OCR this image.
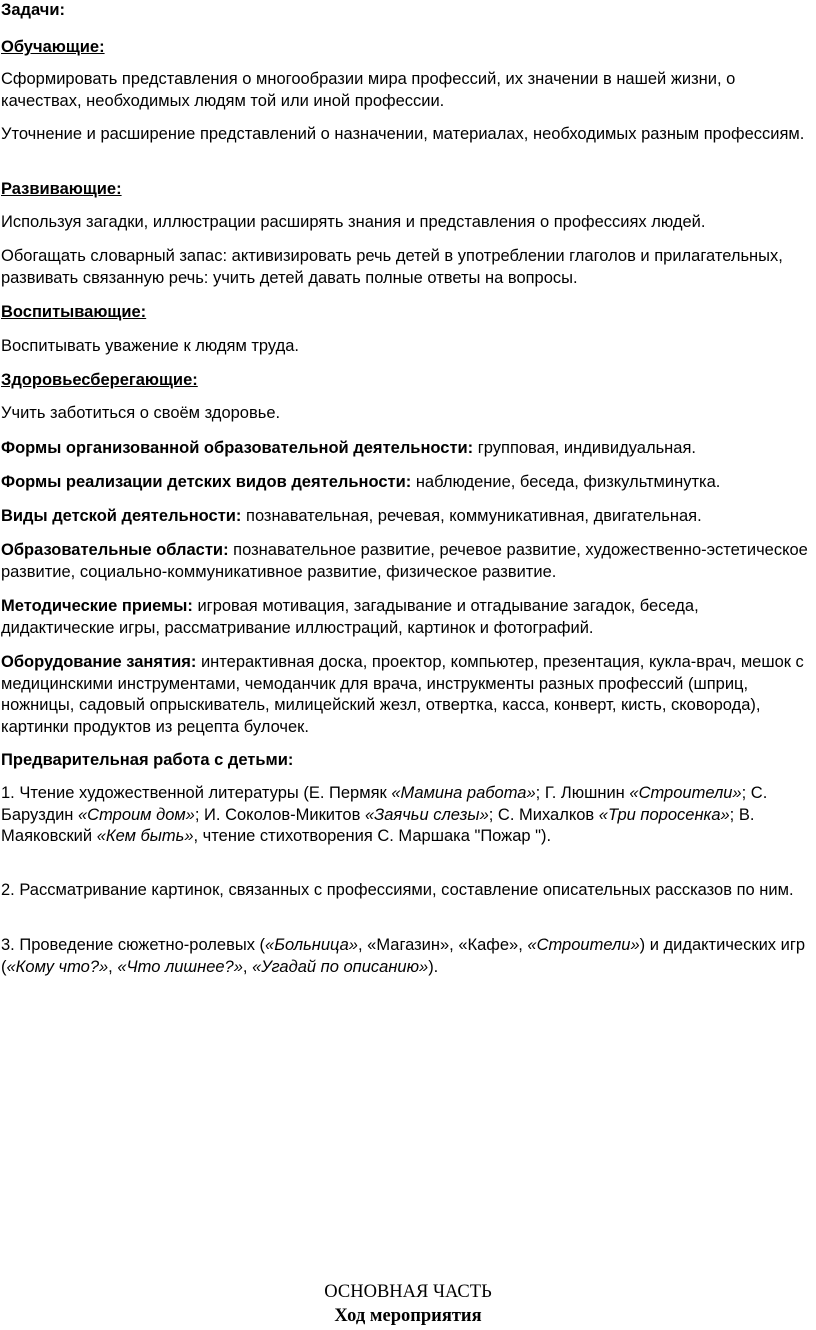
Задачи:

Обучающие:

Сформировать представления о многообразии мира профессий, их значении в нашей жизни, о качествах, необходимых людям той или иной профессии.

Уточнение и расширение представлений о назначении, материалах, необходимых разным профессиям.

Развивающие:

Используя загадки, иллюстрации расширять знания и представления о профессиях людей.

Обогащать словарный запас: активизировать речь детей в употреблении глаголов и прилагательных, развивать связанную речь: учить детей давать полные ответы на вопросы.

Воспитывающие:

Воспитывать уважение к людям труда.

Здоровьесберегающие:

Учить заботиться о своём здоровье.

Формы организованной образовательной деятельности: групповая, индивидуальная.

Формы реализации детских видов деятельности: наблюдение, беседа, физкультминутка.

Виды детской деятельности: познавательная, речевая, коммуникативная, двигательная.

Образовательные области: познавательное развитие, речевое развитие, художественно-эстетическое развитие, социально-коммуникативное развитие, физическое развитие.

Методические приемы: игровая мотивация, загадывание и отгадывание загадок, беседа, дидактические игры, рассматривание иллюстраций, картинок и фотографий.

Оборудование занятия: интерактивная доска, проектор, компьютер, презентация, кукла-врач, мешок с медицинскими инструментами, чемоданчик для врача, инструкменты разных профессий (шприц, ножницы, садовый опрыскиватель, милицейский жезл, отвертка, касса, конверт, кисть, сковорода), картинки продуктов из рецепта булочек.

Предварительная работа с детьми:

1. Чтение художественной литературы (Е. Пермяк «Мамина работа»; Г. Люшнин «Строители»; С. Баруздин «Строим дом»; И. Соколов-Микитов «Заячьи слезы»; С. Михалков «Три поросенка»; В. Маяковский «Кем быть», чтение стихотворения С. Маршака "Пожар ").

2. Рассматривание картинок, связанных с профессиями, составление описательных рассказов по ним.

3. Проведение сюжетно-ролевых («Больница», «Магазин», «Кафе», «Строители») и дидактических игр («Кому что?», «Что лишнее?», «Угадай по описанию»).

ОСНОВНАЯ ЧАСТЬ
Ход мероприятия
